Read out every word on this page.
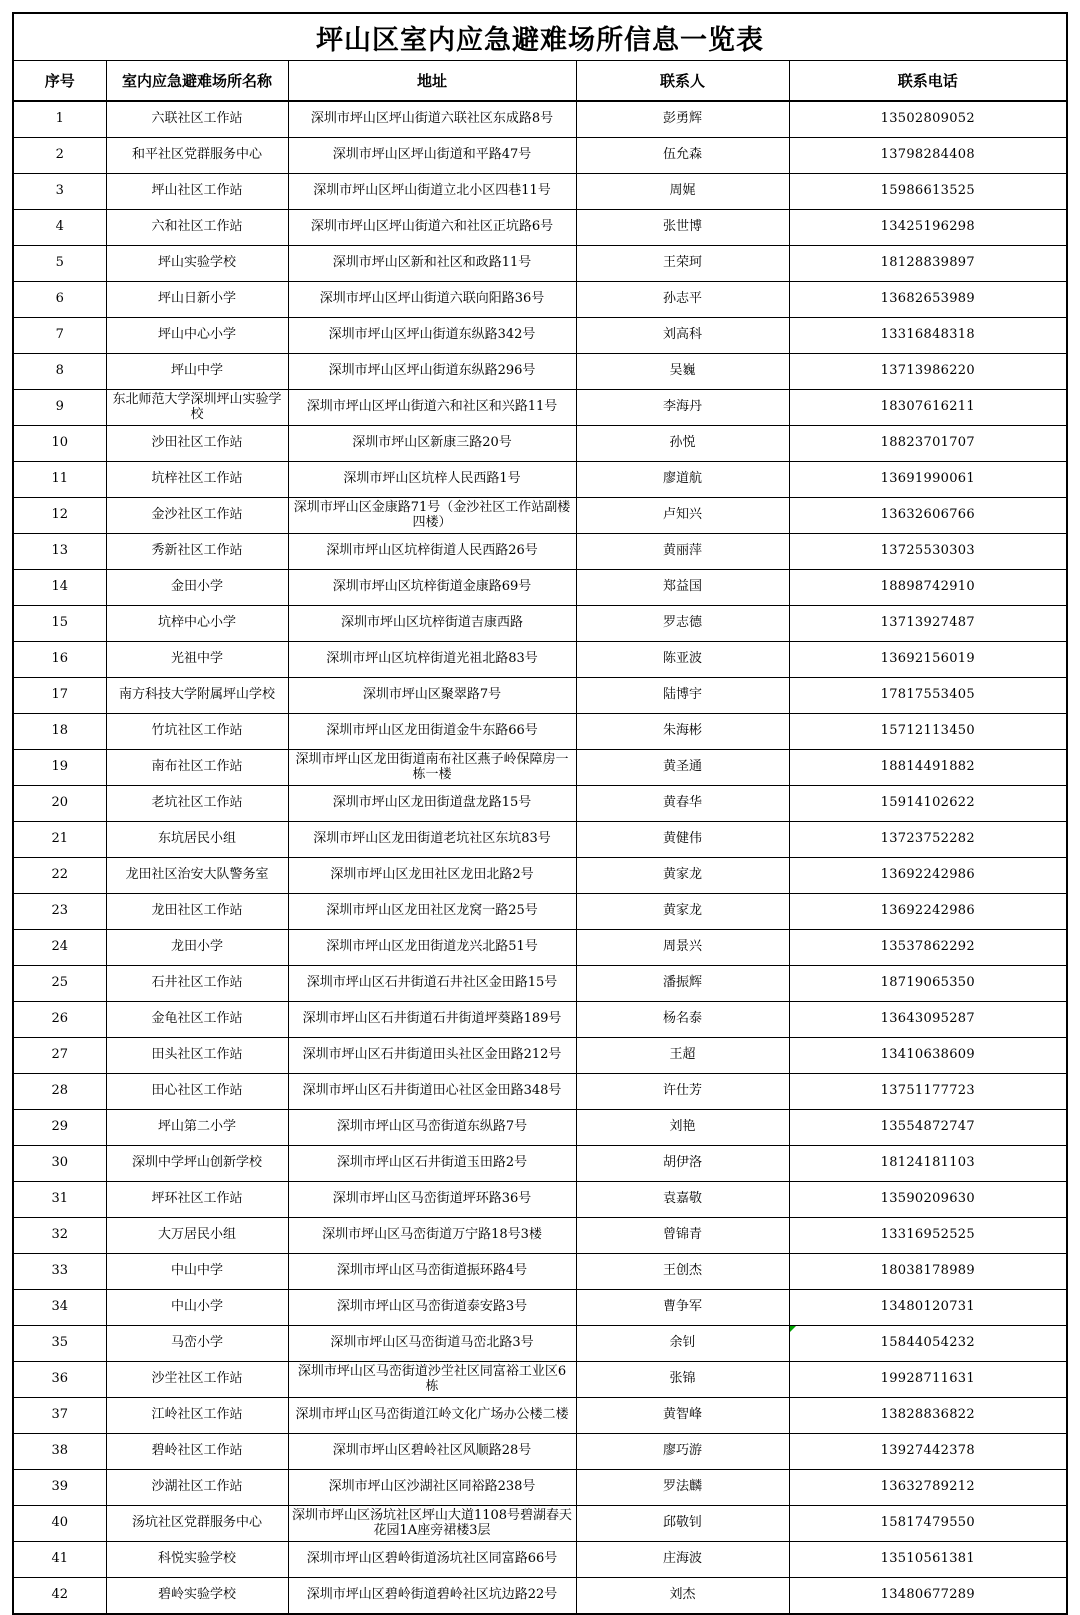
坪山区室内应急避难场所信息一览表				
序号	室内应急避难场所名称	地址	联系人	联系电话
1	六联社区工作站	深圳市坪山区坪山街道六联社区东成路8号	彭勇辉	13502809052
2	和平社区党群服务中心	深圳市坪山区坪山街道和平路47号	伍允森	13798284408
3	坪山社区工作站	深圳市坪山区坪山街道立北小区四巷11号	周娓	15986613525
4	六和社区工作站	深圳市坪山区坪山街道六和社区正坑路6号	张世博	13425196298
5	坪山实验学校	深圳市坪山区新和社区和政路11号	王荣珂	18128839897
6	坪山日新小学	深圳市坪山区坪山街道六联向阳路36号	孙志平	13682653989
7	坪山中心小学	深圳市坪山区坪山街道东纵路342号	刘高科	13316848318
8	坪山中学	深圳市坪山区坪山街道东纵路296号	吴巍	13713986220
9	东北师范大学深圳坪山实验学校	深圳市坪山区坪山街道六和社区和兴路11号	李海丹	18307616211
10	沙田社区工作站	深圳市坪山区新康三路20号	孙悦	18823701707
11	坑梓社区工作站	深圳市坪山区坑梓人民西路1号	廖道航	13691990061
12	金沙社区工作站	深圳市坪山区金康路71号（金沙社区工作站副楼四楼）	卢知兴	13632606766
13	秀新社区工作站	深圳市坪山区坑梓街道人民西路26号	黄丽萍	13725530303
14	金田小学	深圳市坪山区坑梓街道金康路69号	郑益国	18898742910
15	坑梓中心小学	深圳市坪山区坑梓街道吉康西路	罗志德	13713927487
16	光祖中学	深圳市坪山区坑梓街道光祖北路83号	陈亚波	13692156019
17	南方科技大学附属坪山学校	深圳市坪山区聚翠路7号	陆博宇	17817553405
18	竹坑社区工作站	深圳市坪山区龙田街道金牛东路66号	朱海彬	15712113450
19	南布社区工作站	深圳市坪山区龙田街道南布社区燕子岭保障房一栋一楼	黄圣通	18814491882
20	老坑社区工作站	深圳市坪山区龙田街道盘龙路15号	黄春华	15914102622
21	东坑居民小组	深圳市坪山区龙田街道老坑社区东坑83号	黄健伟	13723752282
22	龙田社区治安大队警务室	深圳市坪山区龙田社区龙田北路2号	黄家龙	13692242986
23	龙田社区工作站	深圳市坪山区龙田社区龙窝一路25号	黄家龙	13692242986
24	龙田小学	深圳市坪山区龙田街道龙兴北路51号	周景兴	13537862292
25	石井社区工作站	深圳市坪山区石井街道石井社区金田路15号	潘振辉	18719065350
26	金龟社区工作站	深圳市坪山区石井街道石井街道坪葵路189号	杨名泰	13643095287
27	田头社区工作站	深圳市坪山区石井街道田头社区金田路212号	王超	13410638609
28	田心社区工作站	深圳市坪山区石井街道田心社区金田路348号	许仕芳	13751177723
29	坪山第二小学	深圳市坪山区马峦街道东纵路7号	刘艳	13554872747
30	深圳中学坪山创新学校	深圳市坪山区石井街道玉田路2号	胡伊洛	18124181103
31	坪环社区工作站	深圳市坪山区马峦街道坪环路36号	袁嘉敬	13590209630
32	大万居民小组	深圳市坪山区马峦街道万宁路18号3楼	曾锦青	13316952525
33	中山中学	深圳市坪山区马峦街道振环路4号	王创杰	18038178989
34	中山小学	深圳市坪山区马峦街道泰安路3号	曹争军	13480120731
35	马峦小学	深圳市坪山区马峦街道马峦北路3号	余钊	15844054232

36	沙坣社区工作站	深圳市坪山区马峦街道沙坣社区同富裕工业区6栋	张锦	19928711631
37	江岭社区工作站	深圳市坪山区马峦街道江岭文化广场办公楼二楼	黄智峰	13828836822
38	碧岭社区工作站	深圳市坪山区碧岭社区风顺路28号	廖巧游	13927442378
39	沙湖社区工作站	深圳市坪山区沙湖社区同裕路238号	罗法麟	13632789212
40	汤坑社区党群服务中心	深圳市坪山区汤坑社区坪山大道1108号碧湖春天花园1A座旁裙楼3层	邱敬钊	15817479550
41	科悦实验学校	深圳市坪山区碧岭街道汤坑社区同富路66号	庄海波	13510561381
42	碧岭实验学校	深圳市坪山区碧岭街道碧岭社区坑边路22号	刘杰	13480677289
